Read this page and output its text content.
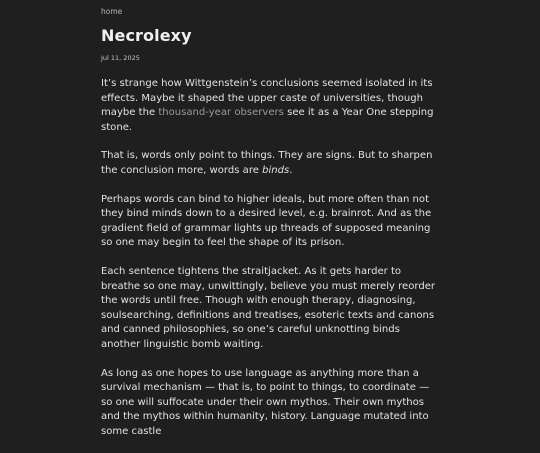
home
Necrolexy
Jul 11, 2025

It’s strange how Wittgenstein’s conclusions seemed isolated in its effects. Maybe it shaped the upper caste of universities, though maybe the thousand-year observers see it as a Year One stepping stone.

That is, words only point to things. They are signs. But to sharpen the conclusion more, words are binds.

Perhaps words can bind to higher ideals, but more often than not they bind minds down to a desired level, e.g. brainrot. And as the gradient field of grammar lights up threads of supposed meaning so one may begin to feel the shape of its prison.

Each sentence tightens the straitjacket. As it gets harder to breathe so one may, unwittingly, believe you must merely reorder the words until free. Though with enough therapy, diagnosing, soulsearching, definitions and treatises, esoteric texts and canons and canned philosophies, so one’s careful unknotting binds another linguistic bomb waiting.

As long as one hopes to use language as anything more than a survival mechanism — that is, to point to things, to coordinate — so one will suffocate under their own mythos. Their own mythos and the mythos within humanity, history. Language mutated into some castle
